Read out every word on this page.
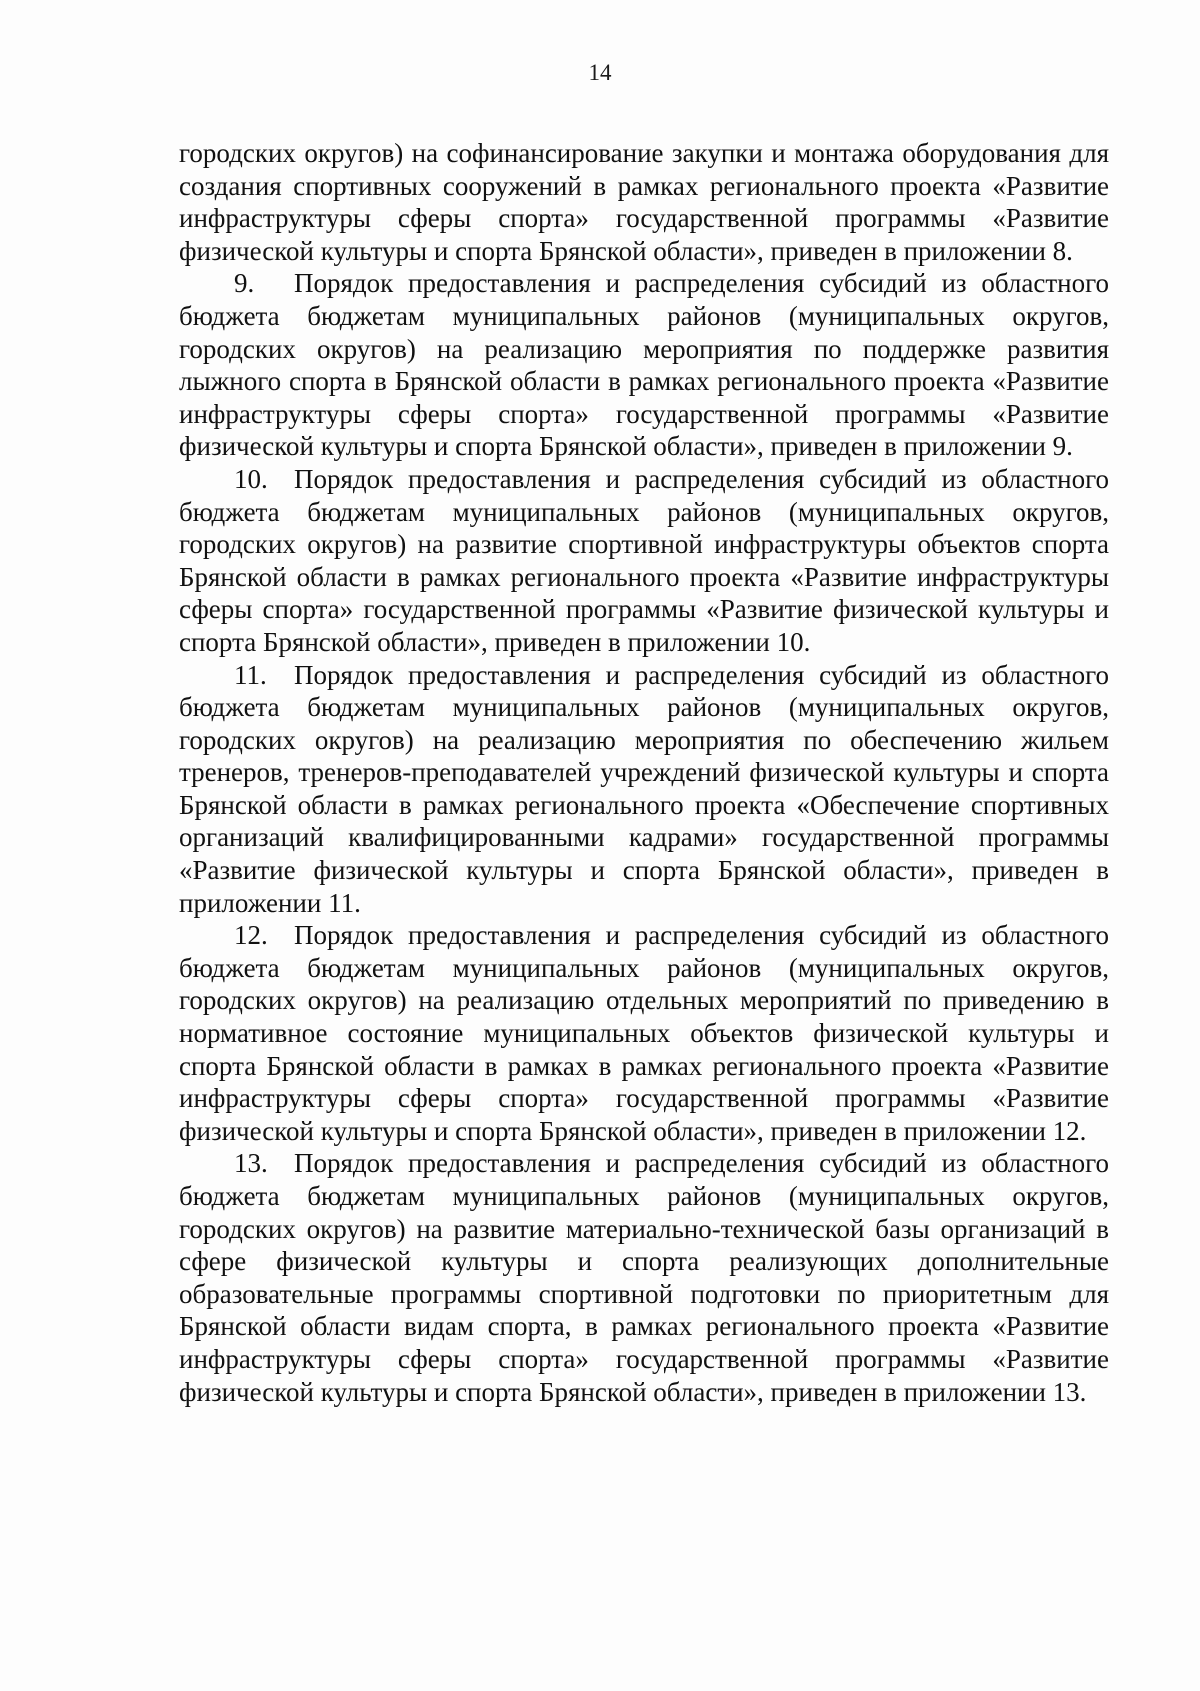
14

городских округов) на софинансирование закупки и монтажа оборудования для создания спортивных сооружений в рамках регионального проекта «Развитие инфраструктуры сферы спорта» государственной программы «Развитие физической культуры и спорта Брянской области», приведен в приложении 8.

9. Порядок предоставления и распределения субсидий из областного бюджета бюджетам муниципальных районов (муниципальных округов, городских округов) на реализацию мероприятия по поддержке развития лыжного спорта в Брянской области в рамках регионального проекта «Развитие инфраструктуры сферы спорта» государственной программы «Развитие физической культуры и спорта Брянской области», приведен в приложении 9.

10. Порядок предоставления и распределения субсидий из областного бюджета бюджетам муниципальных районов (муниципальных округов, городских округов) на развитие спортивной инфраструктуры объектов спорта Брянской области в рамках регионального проекта «Развитие инфраструктуры сферы спорта» государственной программы «Развитие физической культуры и спорта Брянской области», приведен в приложении 10.

11. Порядок предоставления и распределения субсидий из областного бюджета бюджетам муниципальных районов (муниципальных округов, городских округов) на реализацию мероприятия по обеспечению жильем тренеров, тренеров-преподавателей учреждений физической культуры и спорта Брянской области в рамках регионального проекта «Обеспечение спортивных организаций квалифицированными кадрами» государственной программы «Развитие физической культуры и спорта Брянской области», приведен в приложении 11.

12. Порядок предоставления и распределения субсидий из областного бюджета бюджетам муниципальных районов (муниципальных округов, городских округов) на реализацию отдельных мероприятий по приведению в нормативное состояние муниципальных объектов физической культуры и спорта Брянской области в рамках в рамках регионального проекта «Развитие инфраструктуры сферы спорта» государственной программы «Развитие физической культуры и спорта Брянской области», приведен в приложении 12.

13. Порядок предоставления и распределения субсидий из областного бюджета бюджетам муниципальных районов (муниципальных округов, городских округов) на развитие материально-технической базы организаций в сфере физической культуры и спорта реализующих дополнительные образовательные программы спортивной подготовки по приоритетным для Брянской области видам спорта, в рамках регионального проекта «Развитие инфраструктуры сферы спорта» государственной программы «Развитие физической культуры и спорта Брянской области», приведен в приложении 13.
